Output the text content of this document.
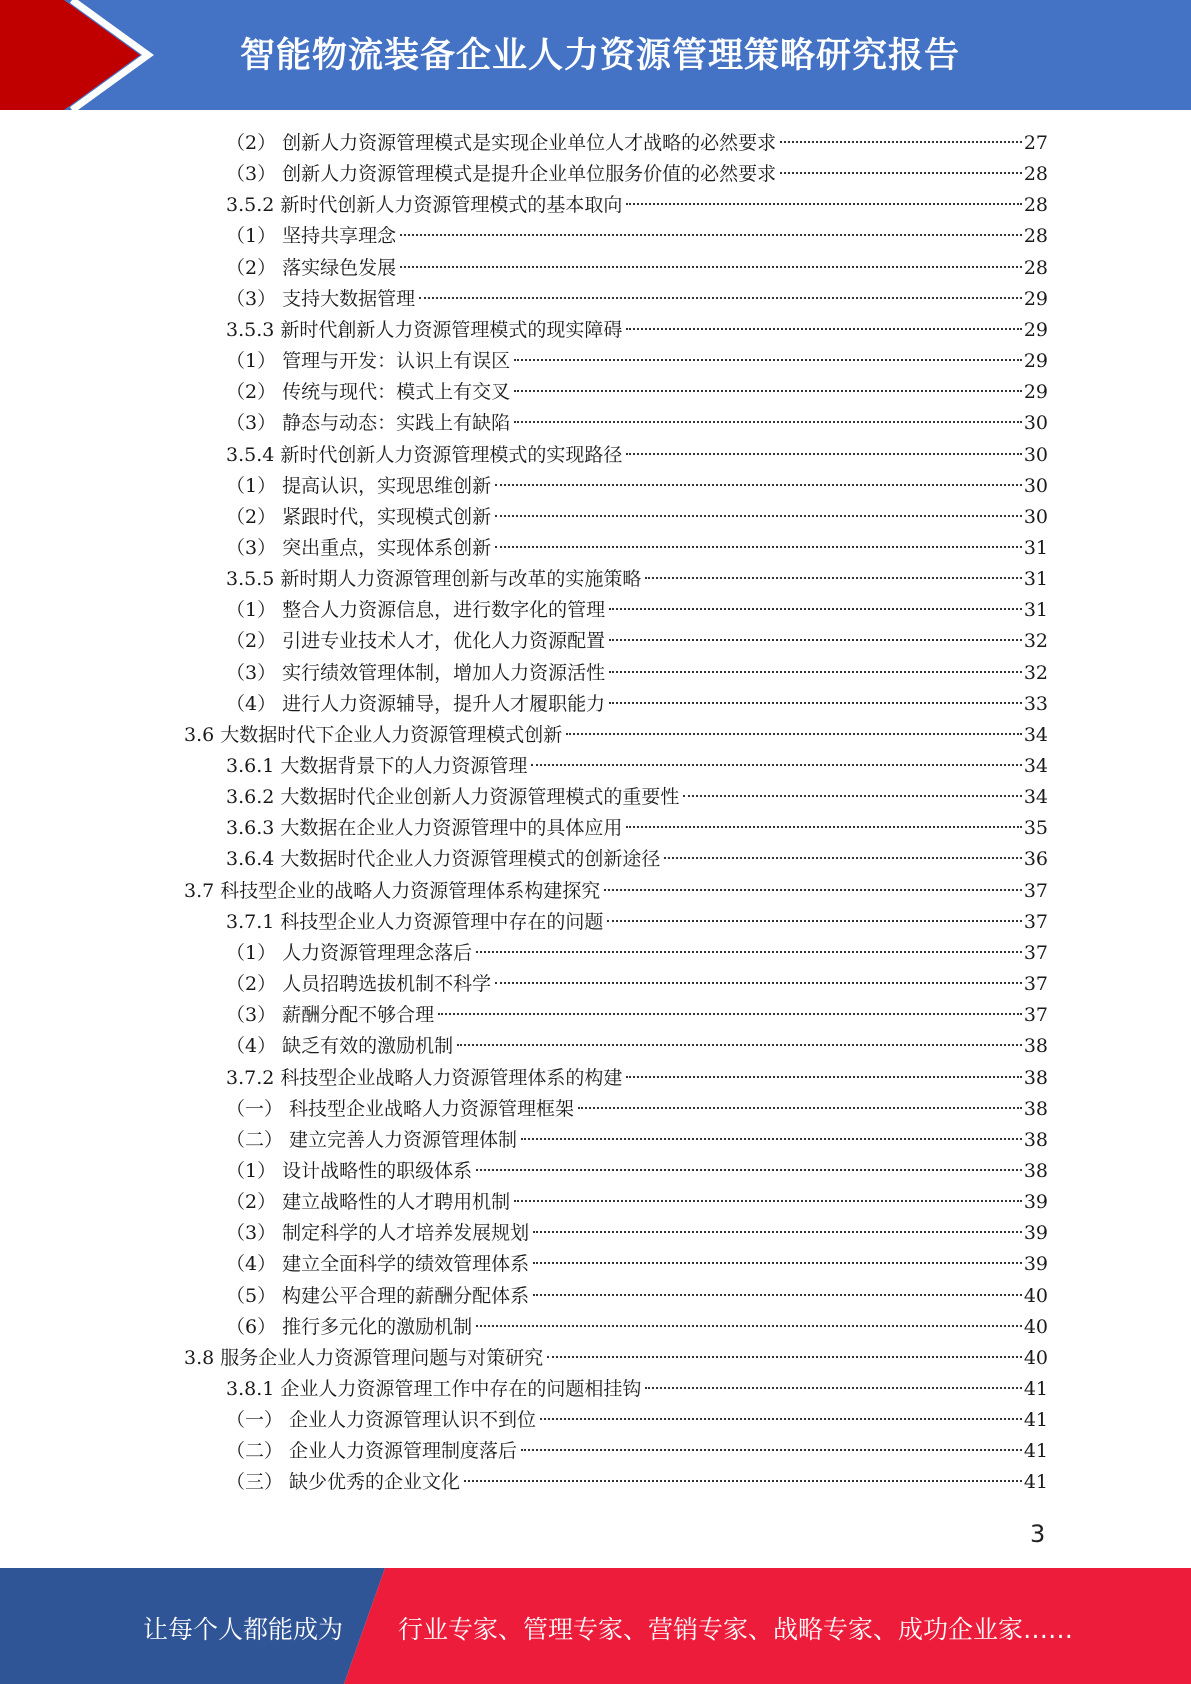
智能物流装备企业人力资源管理策略研究报告
（2） 创新人力资源管理模式是实现企业单位人才战略的必然要求	27
（3） 创新人力资源管理模式是提升企业单位服务价值的必然要求	28
3.5.2 新时代创新人力资源管理模式的基本取向	28
（1） 坚持共享理念	28
（2） 落实绿色发展	28
（3） 支持大数据管理	29
3.5.3 新时代創新人力资源管理模式的现实障碍	29
（1） 管理与开发：认识上有误区	29
（2） 传统与现代：模式上有交叉	29
（3） 静态与动态：实践上有缺陷	30
3.5.4 新时代创新人力资源管理模式的实现路径	30
（1） 提高认识，实现思维创新	30
（2） 紧跟时代，实现模式创新	30
（3） 突出重点，实现体系创新	31
3.5.5 新时期人力资源管理创新与改革的实施策略	31
（1） 整合人力资源信息，进行数字化的管理	31
（2） 引进专业技术人才，优化人力资源配置	32
（3） 实行绩效管理体制，增加人力资源活性	32
（4） 进行人力资源辅导，提升人才履职能力	33
3.6 大数据时代下企业人力资源管理模式创新	34
3.6.1 大数据背景下的人力资源管理	34
3.6.2 大数据时代企业创新人力资源管理模式的重要性	34
3.6.3 大数据在企业人力资源管理中的具体应用	35
3.6.4 大数据时代企业人力资源管理模式的创新途径	36
3.7 科技型企业的战略人力资源管理体系构建探究	37
3.7.1 科技型企业人力资源管理中存在的问题	37
（1） 人力资源管理理念落后	37
（2） 人员招聘选拔机制不科学	37
（3） 薪酬分配不够合理	37
（4） 缺乏有效的激励机制	38
3.7.2 科技型企业战略人力资源管理体系的构建	38
（一） 科技型企业战略人力资源管理框架	38
（二） 建立完善人力资源管理体制	38
（1） 设计战略性的职级体系	38
（2） 建立战略性的人才聘用机制	39
（3） 制定科学的人才培养发展规划	39
（4） 建立全面科学的绩效管理体系	39
（5） 构建公平合理的薪酬分配体系	40
（6） 推行多元化的激励机制	40
3.8 服务企业人力资源管理问题与对策研究	40
3.8.1 企业人力资源管理工作中存在的问题相挂钩	41
（一） 企业人力资源管理认识不到位	41
（二） 企业人力资源管理制度落后	41
（三） 缺少优秀的企业文化	41
3
让每个人都能成为 行业专家、管理专家、营销专家、战略专家、成功企业家……
